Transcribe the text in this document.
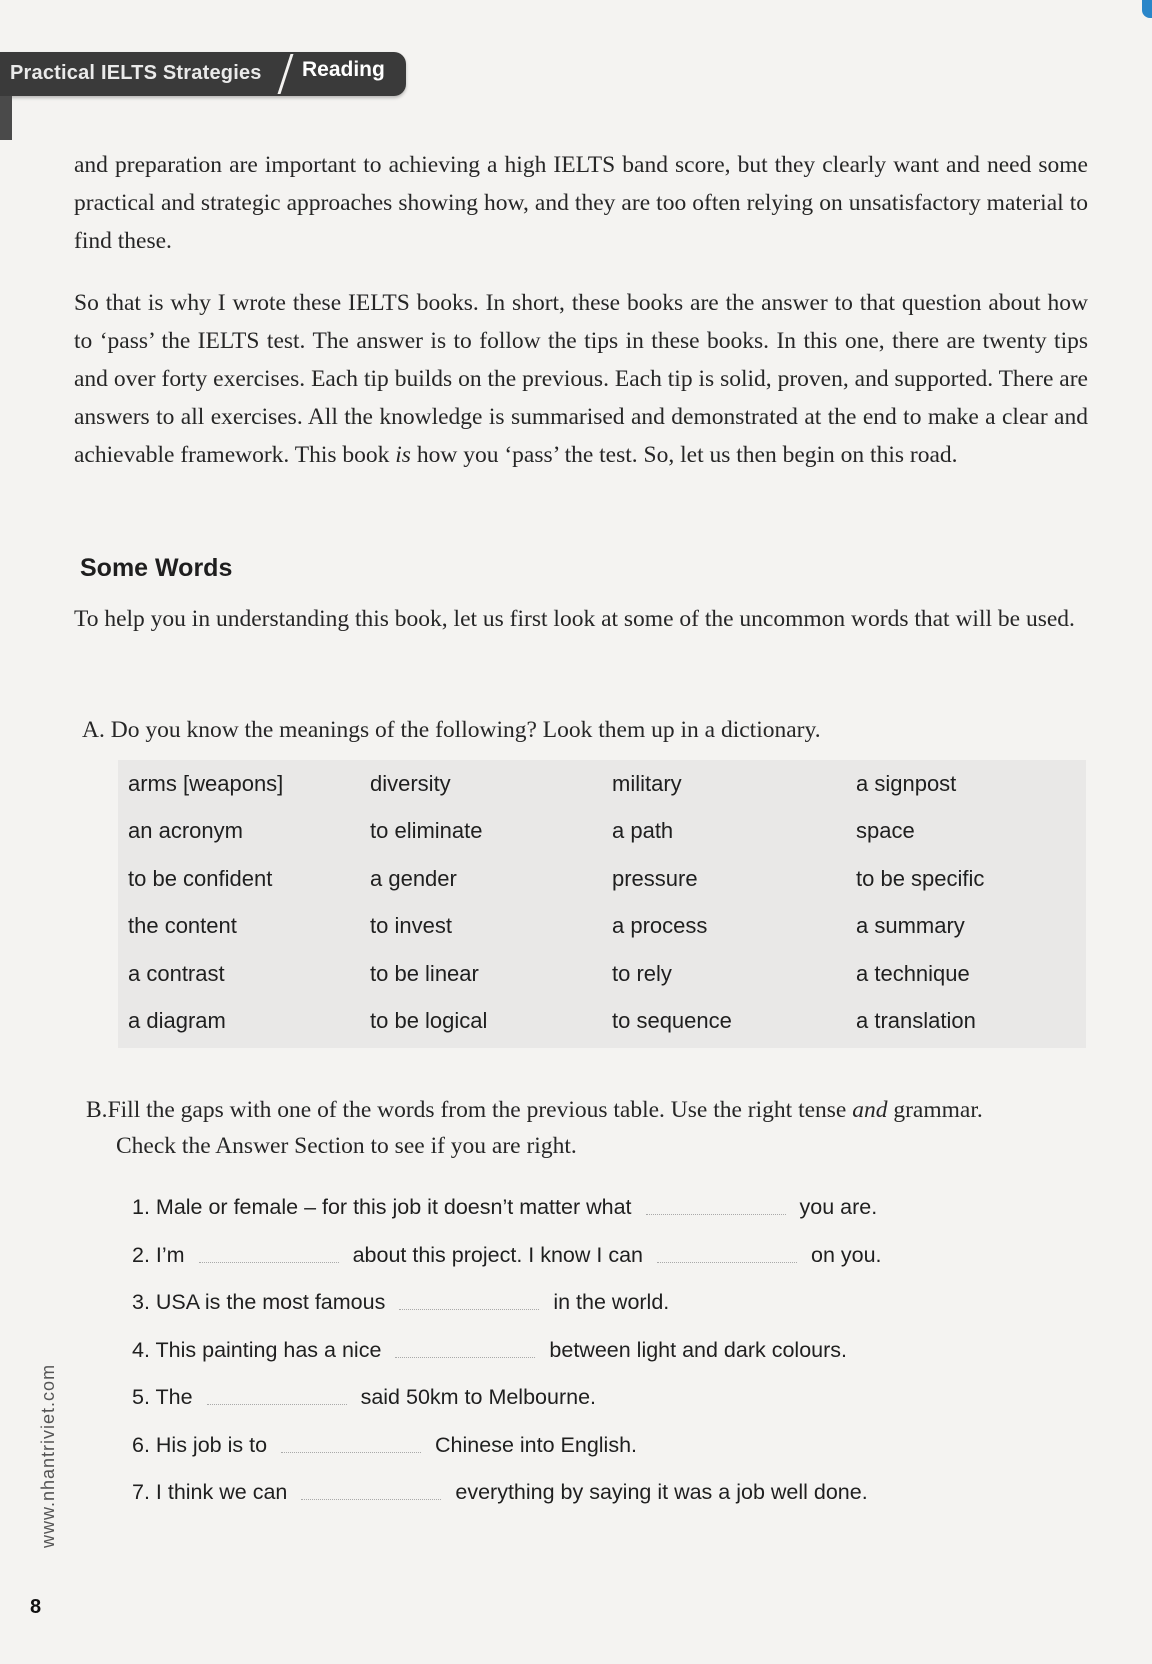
Practical IELTS Strategies Reading
and preparation are important to achieving a high IELTS band score, but they clearly want and need some practical and strategic approaches showing how, and they are too often relying on unsatisfactory material to find these.
So that is why I wrote these IELTS books. In short, these books are the answer to that question about how to ‘pass’ the IELTS test. The answer is to follow the tips in these books. In this one, there are twenty tips and over forty exercises. Each tip builds on the previous. Each tip is solid, proven, and supported. There are answers to all exercises. All the knowledge is summarised and demonstrated at the end to make a clear and achievable framework. This book is how you ‘pass’ the test. So, let us then begin on this road.
Some Words
To help you in understanding this book, let us first look at some of the uncommon words that will be used.
A. Do you know the meanings of the following? Look them up in a dictionary.
arms [weapons]	diversity	military	a signpost
an acronym	to eliminate	a path	space
to be confident	a gender	pressure	to be specific
the content	to invest	a process	a summary
a contrast	to be linear	to rely	a technique
a diagram	to be logical	to sequence	a translation
B.Fill the gaps with one of the words from the previous table. Use the right tense and grammar.
Check the Answer Section to see if you are right.
1. Male or female – for this job it doesn’t matter what	you are.
2. I’m	about this project. I know I can	on you.
3. USA is the most famous	in the world.
4. This painting has a nice	between light and dark colours.
5. The	said 50km to Melbourne.
6. His job is to	Chinese into English.
7. I think we can	everything by saying it was a job well done.
www.nhantriviet.com
8
